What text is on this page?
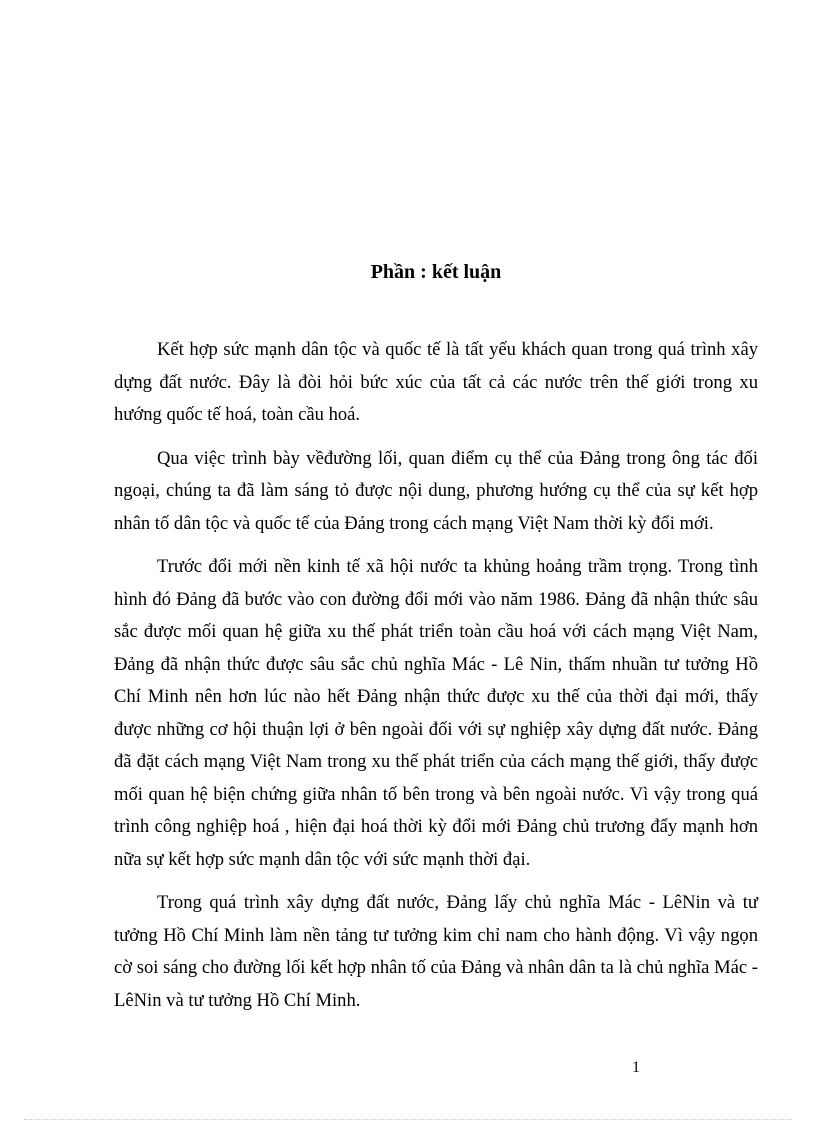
Phần : kết luận

Kết hợp sức mạnh dân tộc và quốc tế là tất yếu khách quan trong quá trình xây dựng đất nước. Đây là đòi hỏi bức xúc của tất cả các nước trên thế giới trong xu hướng quốc tế hoá, toàn cầu hoá.

Qua việc trình bày vềđường lối, quan điểm cụ thể của Đảng trong ông tác đối ngoại, chúng ta đã làm sáng tỏ được nội dung, phương hướng cụ thể của sự kết hợp nhân tố dân tộc và quốc tế của Đảng trong cách mạng Việt Nam thời kỳ đổi mới.

Trước đổi mới nền kinh tế xã hội nước ta khủng hoảng trầm trọng. Trong tình hình đó Đảng đã bước vào con đường đổi mới vào năm 1986. Đảng đã nhận thức sâu sắc được mối quan hệ giữa xu thế phát triển toàn cầu hoá với cách mạng Việt Nam, Đảng đã nhận thức được sâu sắc chủ nghĩa Mác - Lê Nin, thấm nhuần tư tưởng Hồ Chí Minh nên hơn lúc nào hết Đảng nhận thức được xu thế của thời đại mới, thấy được những cơ hội thuận lợi ở bên ngoài đối với sự nghiệp xây dựng đất nước. Đảng đã đặt cách mạng Việt Nam trong xu thế phát triển của cách mạng thế giới, thấy được mối quan hệ biện chứng giữa nhân tố bên trong và bên ngoài nước. Vì vậy trong quá trình công nghiệp hoá , hiện đại hoá thời kỳ đổi mới Đảng chủ trương đẩy mạnh hơn nữa sự kết hợp sức mạnh dân tộc với sức mạnh thời đại.

Trong quá trình xây dựng đất nước, Đảng lấy chủ nghĩa Mác - LêNin và tư tưởng Hồ Chí Minh làm nền tảng tư tưởng kim chỉ nam cho hành động. Vì vậy ngọn cờ soi sáng cho đường lối kết hợp nhân tố của Đảng và nhân dân ta là chủ nghĩa Mác - LêNin và tư tưởng Hồ Chí Minh.

1
